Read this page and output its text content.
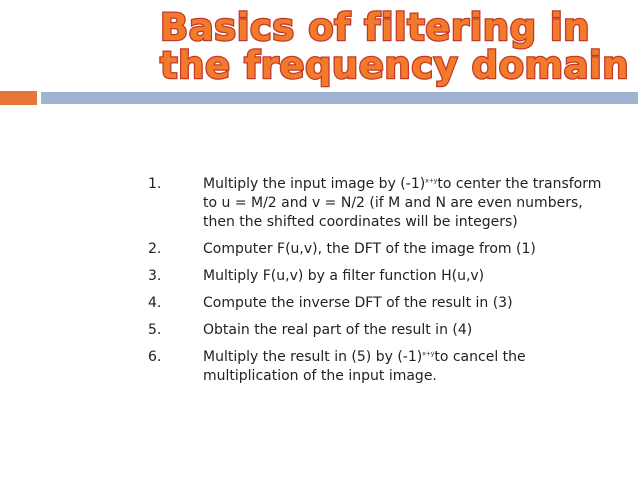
Basics of filtering in
the frequency domain
1.	Multiply the input image by $(-1)^{x+y}to$ center the transform to u = M/2 and v = N/2 (if M and N are even numbers, then the shifted coordinates will be integers)
2.	Computer F(u,v), the DFT of the image from (1)
3.	Multiply F(u,v) by a filter function H(u,v)
4.	Compute the inverse DFT of the result in (3)
5.	Obtain the real part of the result in (4)
6.	Multiply the result in (5) by $(-1)^{x+y}to$ cancel the multiplication of the input image.
